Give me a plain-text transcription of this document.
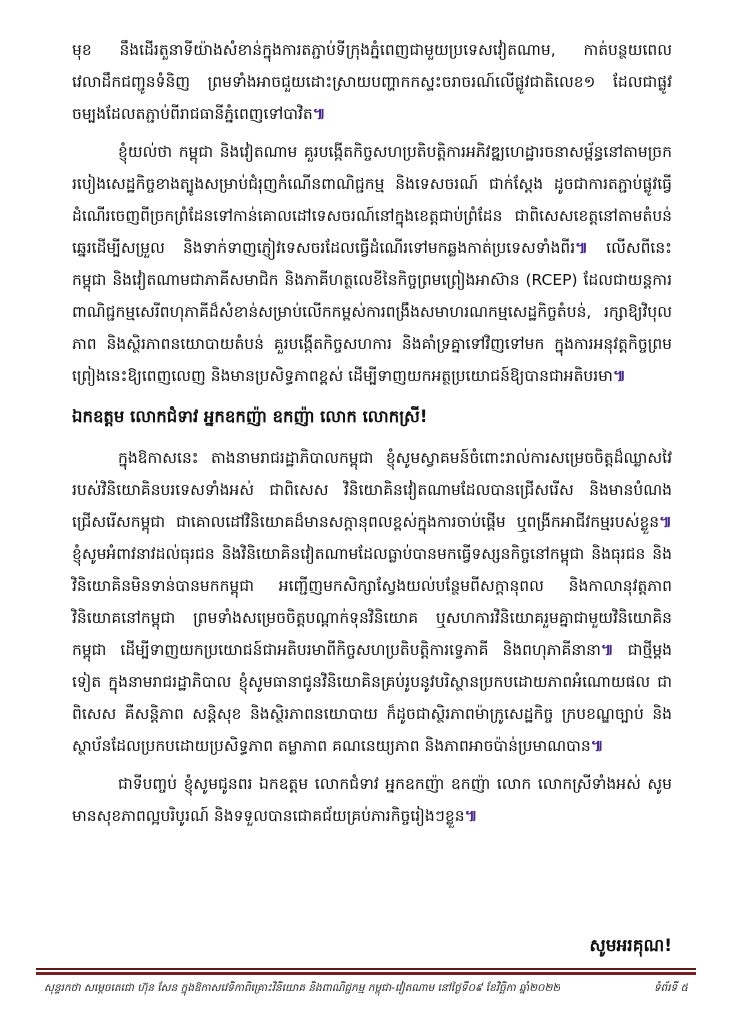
មុខ នឹងដើរតួនាទីយ៉ាងសំខាន់ក្នុងការតភ្ជាប់ទីក្រុងភ្នំពេញជាមួយប្រទេសវៀតណាម, កាត់បន្ថយពេលវេលាដឹកជញ្ជូនទំនិញ ព្រមទាំងអាចជួយដោះស្រាយបញ្ហាកកស្ទះចរាចរណ៍លើផ្លូវជាតិលេខ១ ដែលជាផ្លូវចម្បងដែលតភ្ជាប់ពីរាជធានីភ្នំពេញទៅបាវិត៕

ខ្ញុំយល់ថា កម្ពុជា និងវៀតណាម គួរបង្កើតកិច្ចសហប្រតិបត្តិការអភិវឌ្ឍហេដ្ឋារចនាសម្ព័ន្ធនៅតាមច្រករបៀងសេដ្ឋកិច្ចខាងត្បូងសម្រាប់ជំរុញកំណើនពាណិជ្ជកម្ម និងទេសចរណ៍ ជាក់ស្តែង ដូចជាការតភ្ជាប់ផ្លូវធ្វើដំណើរចេញពីច្រកព្រំដែនទៅកាន់គោលដៅទេសចរណ៍នៅក្នុងខេត្តជាប់ព្រំដែន ជាពិសេសខេត្តនៅតាមតំបន់ឆ្នេរដើម្បីសម្រួល និងទាក់ទាញភ្ញៀវទេសចរដែលធ្វើដំណើរទៅមកឆ្លងកាត់ប្រទេសទាំងពីរ៕ លើសពីនេះ កម្ពុជា និងវៀតណាមជាភាគីសមាជិក និងភាគីហត្ថលេខីនៃកិច្ចព្រមព្រៀងអាស៊ាន (RCEP) ដែលជាយន្តការពាណិជ្ជកម្មសេរីពហុភាគីដ៏សំខាន់សម្រាប់លើកកម្ពស់ការពង្រឹងសមាហរណកម្មសេដ្ឋកិច្ចតំបន់, រក្សាឱ្យវិបុលភាព និងស្ថិរភាពនយោបាយតំបន់ គួរបង្កើតកិច្ចសហការ និងគាំទ្រគ្នាទៅវិញទៅមក ក្នុងការអនុវត្តកិច្ចព្រមព្រៀងនេះឱ្យពេញលេញ និងមានប្រសិទ្ធភាពខ្ពស់ ដើម្បីទាញយកអត្ថប្រយោជន៍ឱ្យបានជាអតិបរមា៕

ឯកឧត្តម លោកជំទាវ អ្នកឧកញ៉ា ឧកញ៉ា លោក លោកស្រី!

ក្នុងឱកាសនេះ តាងនាមរាជរដ្ឋាភិបាលកម្ពុជា ខ្ញុំសូមស្វាគមន៍ចំពោះរាល់ការសម្រេចចិត្តដ៏ឈ្លាសវៃរបស់វិនិយោគិនបរទេសទាំងអស់ ជាពិសេស វិនិយោគិនវៀតណាមដែលបានជ្រើសរើស និងមានបំណងជ្រើសរើសកម្ពុជា ជាគោលដៅវិនិយោគដ៏មានសក្តានុពលខ្ពស់ក្នុងការចាប់ផ្តើម ឬពង្រីកអាជីវកម្មរបស់ខ្លួន៕ ខ្ញុំសូមអំពាវនាវដល់ធុរជន និងវិនិយោគិនវៀតណាមដែលធ្លាប់បានមកធ្វើទស្សនកិច្ចនៅកម្ពុជា និងធុរជន និងវិនិយោគិនមិនទាន់បានមកកម្ពុជា អញ្ជើញមកសិក្សាស្វែងយល់បន្ថែមពីសក្តានុពល និងកាលានុវត្តភាពវិនិយោគនៅកម្ពុជា ព្រមទាំងសម្រេចចិត្តបណ្តាក់ទុនវិនិយោគ ឬសហការវិនិយោគរួមគ្នាជាមួយវិនិយោគិនកម្ពុជា ដើម្បីទាញយកប្រយោជន៍ជាអតិបរមាពីកិច្ចសហប្រតិបត្តិការទ្វេភាគី និងពហុភាគីនានា៕ ជាថ្មីម្តងទៀត ក្នុងនាមរាជរដ្ឋាភិបាល ខ្ញុំសូមធានាជូនវិនិយោគិនគ្រប់រូបនូវបរិស្ថានប្រកបដោយភាពអំណោយផល ជាពិសេស គឺសន្តិភាព សន្តិសុខ និងស្ថិរភាពនយោបាយ ក៏ដូចជាស្ថិរភាពម៉ាក្រូសេដ្ឋកិច្ច ក្របខណ្ឌច្បាប់ និងស្ថាប័នដែលប្រកបដោយប្រសិទ្ធភាព តម្លាភាព គណនេយ្យភាព និងភាពអាចប៉ាន់ប្រមាណបាន៕

ជាទីបញ្ចប់ ខ្ញុំសូមជូនពរ ឯកឧត្តម លោកជំទាវ អ្នកឧកញ៉ា ឧកញ៉ា លោក លោកស្រីទាំងអស់ សូមមានសុខភាពល្អបរិបូរណ៍ និងទទួលបានជោគជ័យគ្រប់ភារកិច្ចរៀងៗខ្លួន៕

សូមអរគុណ!
សុន្ទរកថា សម្តេចតេជោ ហ៊ុន សែន ក្នុងឱកាសវេទិកាពិគ្រោះវិនិយោគ និងពាណិជ្ជកម្ម កម្ពុជា-វៀតណាម នៅថ្ងៃទី០៩ ខែវិច្ឆិកា ឆ្នាំ២០២២	ទំព័រទី ៥
